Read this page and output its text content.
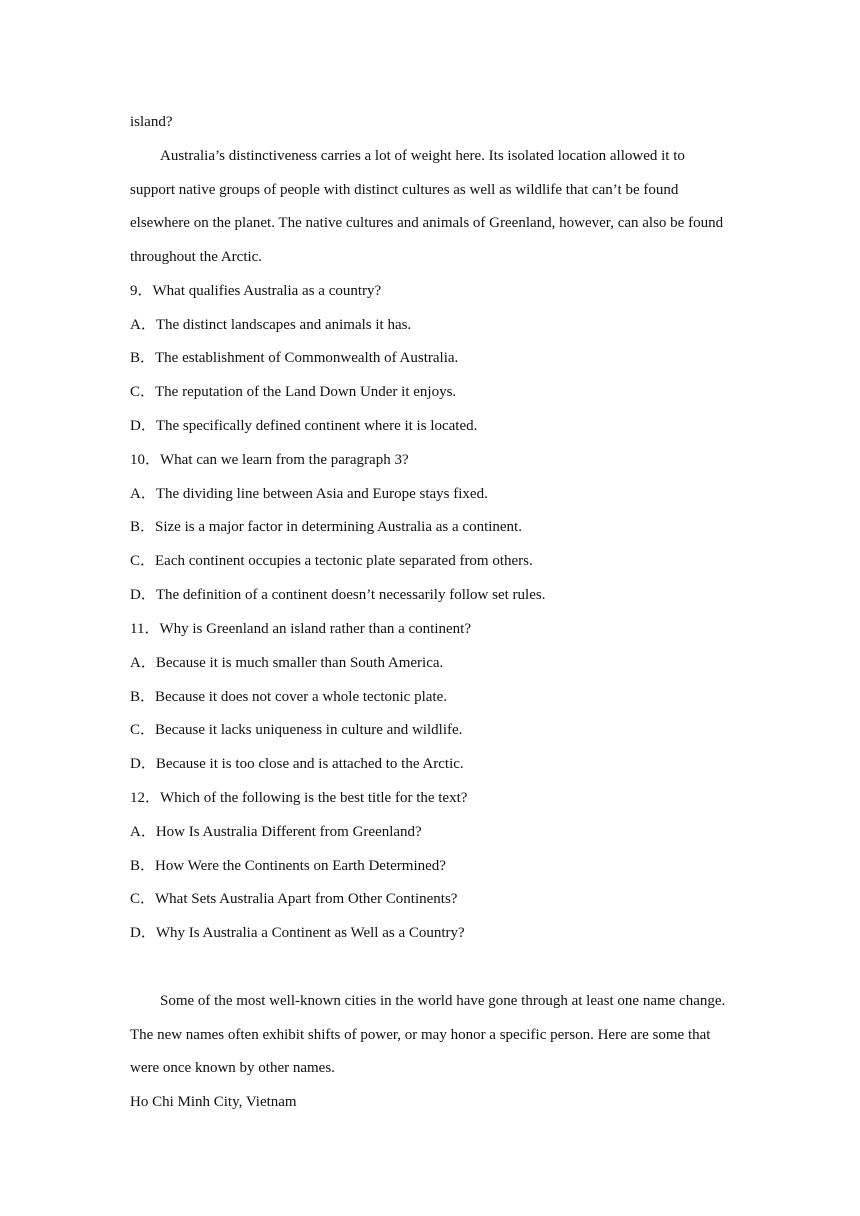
island?
Australia’s distinctiveness carries a lot of weight here. Its isolated location allowed it to
support native groups of people with distinct cultures as well as wildlife that can’t be found
elsewhere on the planet. The native cultures and animals of Greenland, however, can also be found
throughout the Arctic.
9．What qualifies Australia as a country?
A．The distinct landscapes and animals it has.
B．The establishment of Commonwealth of Australia.
C．The reputation of the Land Down Under it enjoys.
D．The specifically defined continent where it is located.
10．What can we learn from the paragraph 3?
A．The dividing line between Asia and Europe stays fixed.
B．Size is a major factor in determining Australia as a continent.
C．Each continent occupies a tectonic plate separated from others.
D．The definition of a continent doesn’t necessarily follow set rules.
11．Why is Greenland an island rather than a continent?
A．Because it is much smaller than South America.
B．Because it does not cover a whole tectonic plate.
C．Because it lacks uniqueness in culture and wildlife.
D．Because it is too close and is attached to the Arctic.
12．Which of the following is the best title for the text?
A．How Is Australia Different from Greenland?
B．How Were the Continents on Earth Determined?
C．What Sets Australia Apart from Other Continents?
D．Why Is Australia a Continent as Well as a Country?
Some of the most well-known cities in the world have gone through at least one name change.
The new names often exhibit shifts of power, or may honor a specific person. Here are some that
were once known by other names.
Ho Chi Minh City, Vietnam
